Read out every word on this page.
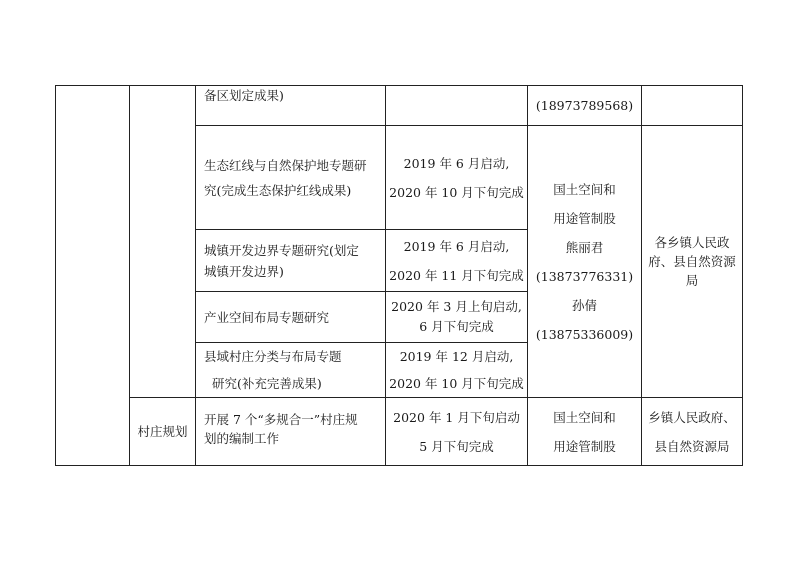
备区划定成果)
(18973789568)
生态红线与自然保护地专题研
究(完成生态保护红线成果)
2019 年 6 月启动,
2020 年 10 月下旬完成
城镇开发边界专题研究(划定
城镇开发边界)
2019 年 6 月启动,
2020 年 11 月下旬完成
产业空间布局专题研究
2020 年 3 月上旬启动,
6 月下旬完成
县域村庄分类与布局专题
研究(补充完善成果)
2019 年 12 月启动,
2020 年 10 月下旬完成
国土空间和
用途管制股
熊丽君
(13873776331)
孙倩
(13875336009)
各乡镇人民政
府、县自然资源
局
村庄规划
开展 7 个“多规合一”村庄规
划的编制工作
2020 年 1 月下旬启动
5 月下旬完成
国土空间和
用途管制股
乡镇人民政府、
县自然资源局
